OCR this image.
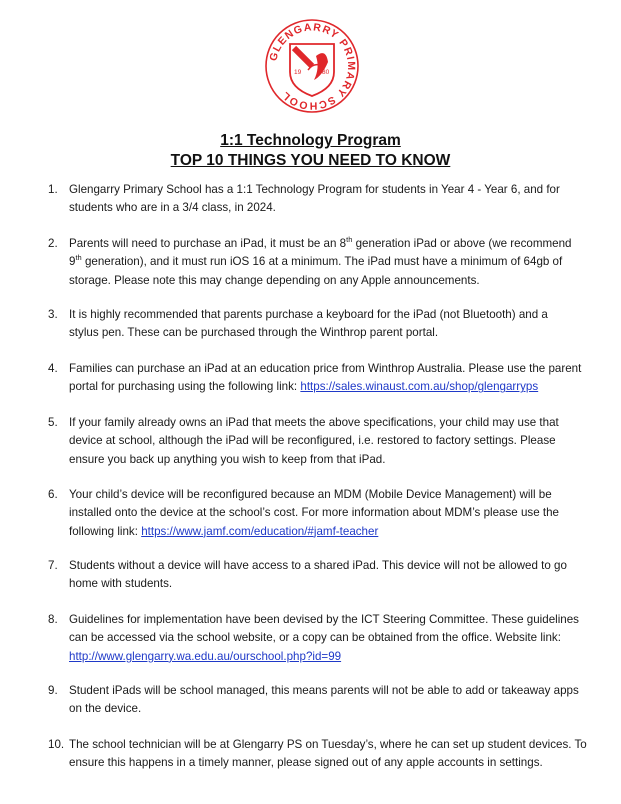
GLENGARRY PRIMARY SCHOOL
19	80
1:1 Technology Program
TOP 10 THINGS YOU NEED TO KNOW
1. Glengarry Primary School has a 1:1 Technology Program for students in Year 4 - Year 6, and for
students who are in a 3/4 class, in 2024.
2. Parents will need to purchase an iPad, it must be an 8th generation iPad or above (we recommend
9th generation), and it must run iOS 16 at a minimum. The iPad must have a minimum of 64gb of
storage. Please note this may change depending on any Apple announcements.
3. It is highly recommended that parents purchase a keyboard for the iPad (not Bluetooth) and a
stylus pen. These can be purchased through the Winthrop parent portal.
4. Families can purchase an iPad at an education price from Winthrop Australia. Please use the parent
portal for purchasing using the following link: https://sales.winaust.com.au/shop/glengarryps
5. If your family already owns an iPad that meets the above specifications, your child may use that
device at school, although the iPad will be reconfigured, i.e. restored to factory settings. Please
ensure you back up anything you wish to keep from that iPad.
6. Your child’s device will be reconfigured because an MDM (Mobile Device Management) will be
installed onto the device at the school’s cost. For more information about MDM’s please use the
following link: https://www.jamf.com/education/#jamf-teacher
7. Students without a device will have access to a shared iPad. This device will not be allowed to go
home with students.
8. Guidelines for implementation have been devised by the ICT Steering Committee. These guidelines
can be accessed via the school website, or a copy can be obtained from the office. Website link:
http://www.glengarry.wa.edu.au/ourschool.php?id=99
9. Student iPads will be school managed, this means parents will not be able to add or takeaway apps
on the device.
10. The school technician will be at Glengarry PS on Tuesday’s, where he can set up student devices. To
ensure this happens in a timely manner, please signed out of any apple accounts in settings.
